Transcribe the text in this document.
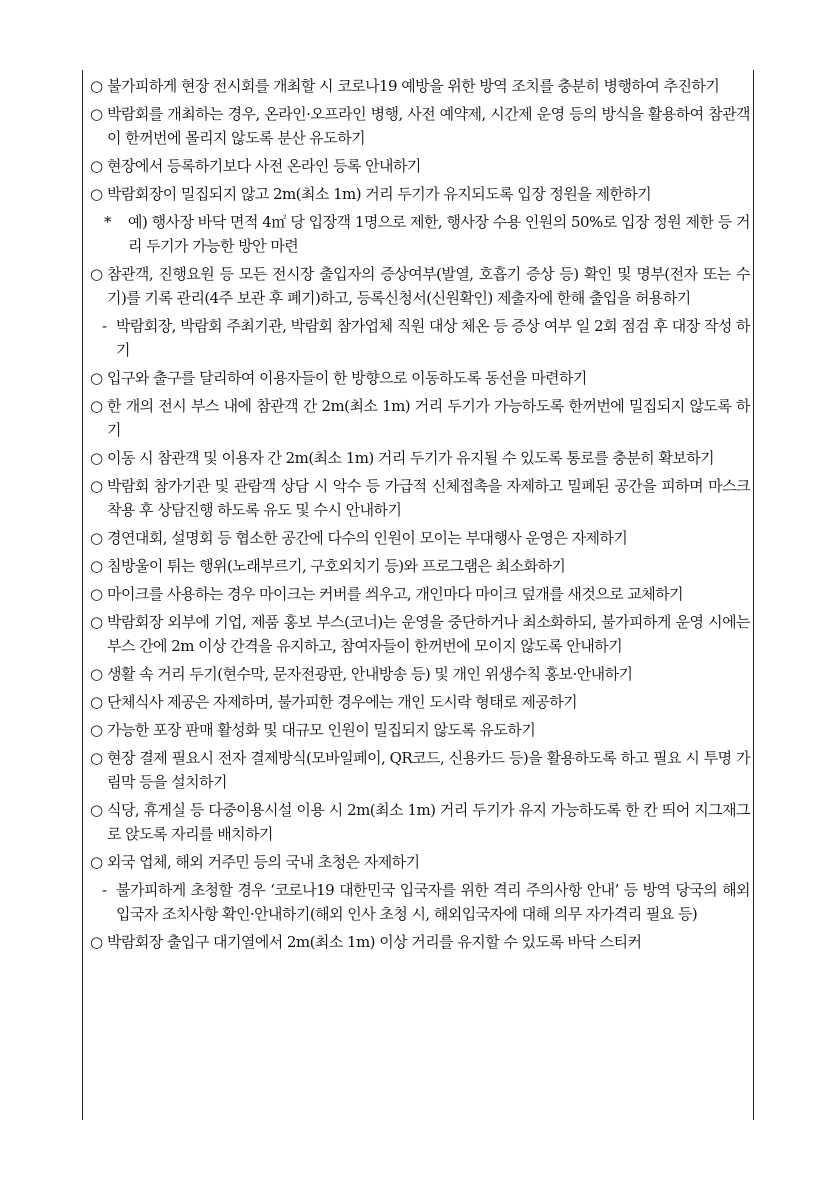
○ 불가피하게 현장 전시회를 개최할 시 코로나19 예방을 위한 방역 조치를 충분히 병행하여 추진하기
○ 박람회를 개최하는 경우, 온라인·오프라인 병행, 사전 예약제, 시간제 운영 등의 방식을 활용하여 참관객이 한꺼번에 몰리지 않도록 분산 유도하기
○ 현장에서 등록하기보다 사전 온라인 등록 안내하기
○ 박람회장이 밀집되지 않고 2m(최소 1m) 거리 두기가 유지되도록 입장 정원을 제한하기
*	예) 행사장 바닥 면적 4㎡ 당 입장객 1명으로 제한, 행사장 수용 인원의 50%로 입장 정원 제한 등 거리 두기가 가능한 방안 마련
○ 참관객, 진행요원 등 모든 전시장 출입자의 증상여부(발열, 호흡기 증상 등) 확인 및 명부(전자 또는 수기)를 기록 관리(4주 보관 후 폐기)하고, 등록신청서(신원확인) 제출자에 한해 출입을 허용하기
- 박람회장, 박람회 주최기관, 박람회 참가업체 직원 대상 체온 등 증상 여부 일 2회 점검 후 대장 작성 하기
○ 입구와 출구를 달리하여 이용자들이 한 방향으로 이동하도록 동선을 마련하기
○ 한 개의 전시 부스 내에 참관객 간 2m(최소 1m) 거리 두기가 가능하도록 한꺼번에 밀집되지 않도록 하기
○ 이동 시 참관객 및 이용자 간 2m(최소 1m) 거리 두기가 유지될 수 있도록 통로를 충분히 확보하기
○ 박람회 참가기관 및 관람객 상담 시 악수 등 가급적 신체접촉을 자제하고 밀폐된 공간을 피하며 마스크 착용 후 상담진행 하도록 유도 및 수시 안내하기
○ 경연대회, 설명회 등 협소한 공간에 다수의 인원이 모이는 부대행사 운영은 자제하기
○ 침방울이 튀는 행위(노래부르기, 구호외치기 등)와 프로그램은 최소화하기
○ 마이크를 사용하는 경우 마이크는 커버를 씌우고, 개인마다 마이크 덮개를 새것으로 교체하기
○ 박람회장 외부에 기업, 제품 홍보 부스(코너)는 운영을 중단하거나 최소화하되, 불가피하게 운영 시에는 부스 간에 2m 이상 간격을 유지하고, 참여자들이 한꺼번에 모이지 않도록 안내하기
○ 생활 속 거리 두기(현수막, 문자전광판, 안내방송 등) 및 개인 위생수칙 홍보·안내하기
○ 단체식사 제공은 자제하며, 불가피한 경우에는 개인 도시락 형태로 제공하기
○ 가능한 포장 판매 활성화 및 대규모 인원이 밀집되지 않도록 유도하기
○ 현장 결제 필요시 전자 결제방식(모바일페이, QR코드, 신용카드 등)을 활용하도록 하고 필요 시 투명 가림막 등을 설치하기
○ 식당, 휴게실 등 다중이용시설 이용 시 2m(최소 1m) 거리 두기가 유지 가능하도록 한 칸 띄어 지그재그로 앉도록 자리를 배치하기
○ 외국 업체, 해외 거주민 등의 국내 초청은 자제하기
- 불가피하게 초청할 경우 ‘코로나19 대한민국 입국자를 위한 격리 주의사항 안내’ 등 방역 당국의 해외 입국자 조치사항 확인·안내하기(해외 인사 초청 시, 해외입국자에 대해 의무 자가격리 필요 등)
○ 박람회장 출입구 대기열에서 2m(최소 1m) 이상 거리를 유지할 수 있도록 바닥 스티커
